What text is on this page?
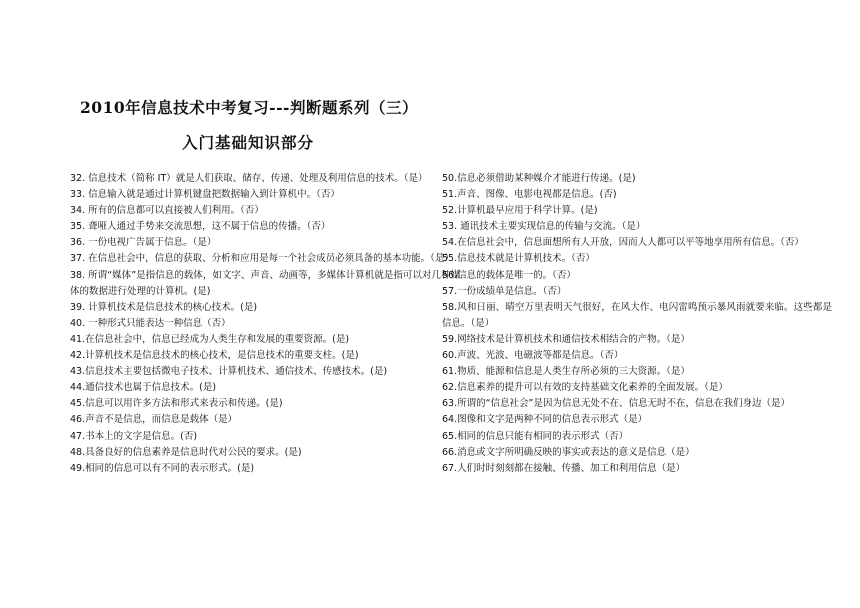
2010年信息技术中考复习---判断题系列（三）
入门基础知识部分
32. 信息技术（简称 IT）就是人们获取、储存、传递、处理及利用信息的技术。（是）
33. 信息输入就是通过计算机键盘把数据输入到计算机中。（否）
34. 所有的信息都可以直接被人们利用。（否）
35. 聋哑人通过手势来交流思想，这不属于信息的传播。（否）
36. 一份电视广告属于信息。（是）
37. 在信息社会中，信息的获取、分析和应用是每一个社会成员必须具备的基本功能。（是）
38. 所谓“媒体”是指信息的载体，如文字、声音、动画等，多媒体计算机就是指可以对几种媒体的数据进行处理的计算机。(是)
39. 计算机技术是信息技术的核心技术。(是)
40. 一种形式只能表达一种信息（否）
41.在信息社会中，信息已经成为人类生存和发展的重要资源。(是)
42.计算机技术是信息技术的核心技术，是信息技术的重要支柱。(是)
43.信息技术主要包括微电子技术、计算机技术、通信技术、传感技术。(是)
44.通信技术也属于信息技术。(是)
45.信息可以用许多方法和形式来表示和传递。(是)
46.声音不是信息，而信息是载体（是）
47.书本上的文字是信息。(否)
48.具备良好的信息素养是信息时代对公民的要求。(是)
49.相同的信息可以有不同的表示形式。(是)
50.信息必须借助某种媒介才能进行传递。(是)
51.声音、图像、电影电视都是信息。(否)
52.计算机最早应用于科学计算。(是)
53. 通讯技术主要实现信息的传输与交流。（是）
54.在信息社会中，信息面想所有人开放，因而人人都可以平等地享用所有信息。（否）
55.信息技术就是计算机技术。（否）
56.信息的载体是唯一的。（否）
57.一份成绩单是信息。（否）
58.风和日丽、晴空万里表明天气很好，在风大作、电闪雷鸣预示暴风雨就要来临。这些都是信息。（是）
59.网络技术是计算机技术和通信技术相结合的产物。（是）
60.声波、光波、电磁波等都是信息。（否）
61.物质、能源和信息是人类生存所必须的三大资源。（是）
62.信息素养的提升可以有效的支持基础文化素养的全面发展。（是）
63.所谓的“信息社会”是因为信息无处不在、信息无时不在，信息在我们身边（是）
64.图像和文字是两种不同的信息表示形式（是）
65.相同的信息只能有相同的表示形式（否）
66.消息或文字所明确反映的事实或表达的意义是信息（是）
67.人们时时刻刻都在接触、传播、加工和利用信息（是）
